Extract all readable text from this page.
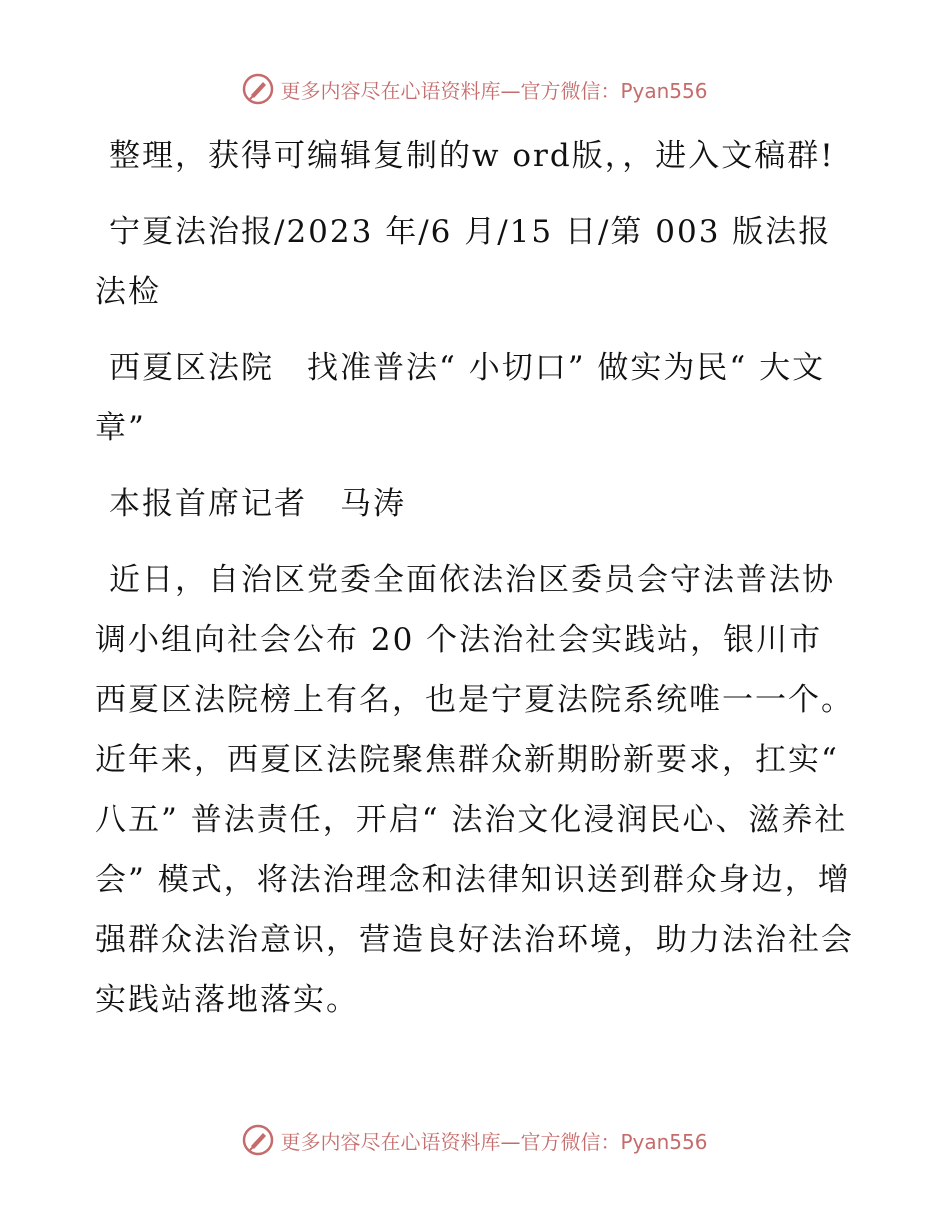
更多内容尽在心语资料库—官方微信：Pyan556

整理，获得可编辑复制的w ord版，，进入文稿群!

宁夏法治报/2023 年/6 月/15 日/第 003 版法报法检

西夏区法院　找准普法“ 小切口” 做实为民“ 大文章”

本报首席记者　马涛

近日，自治区党委全面依法治区委员会守法普法协调小组向社会公布 20 个法治社会实践站，银川市西夏区法院榜上有名，也是宁夏法院系统唯一一个。近年来，西夏区法院聚焦群众新期盼新要求，扛实“ 八五” 普法责任，开启“ 法治文化浸润民心、滋养社会” 模式，将法治理念和法律知识送到群众身边，增强群众法治意识，营造良好法治环境，助力法治社会实践站落地落实。

更多内容尽在心语资料库—官方微信：Pyan556
